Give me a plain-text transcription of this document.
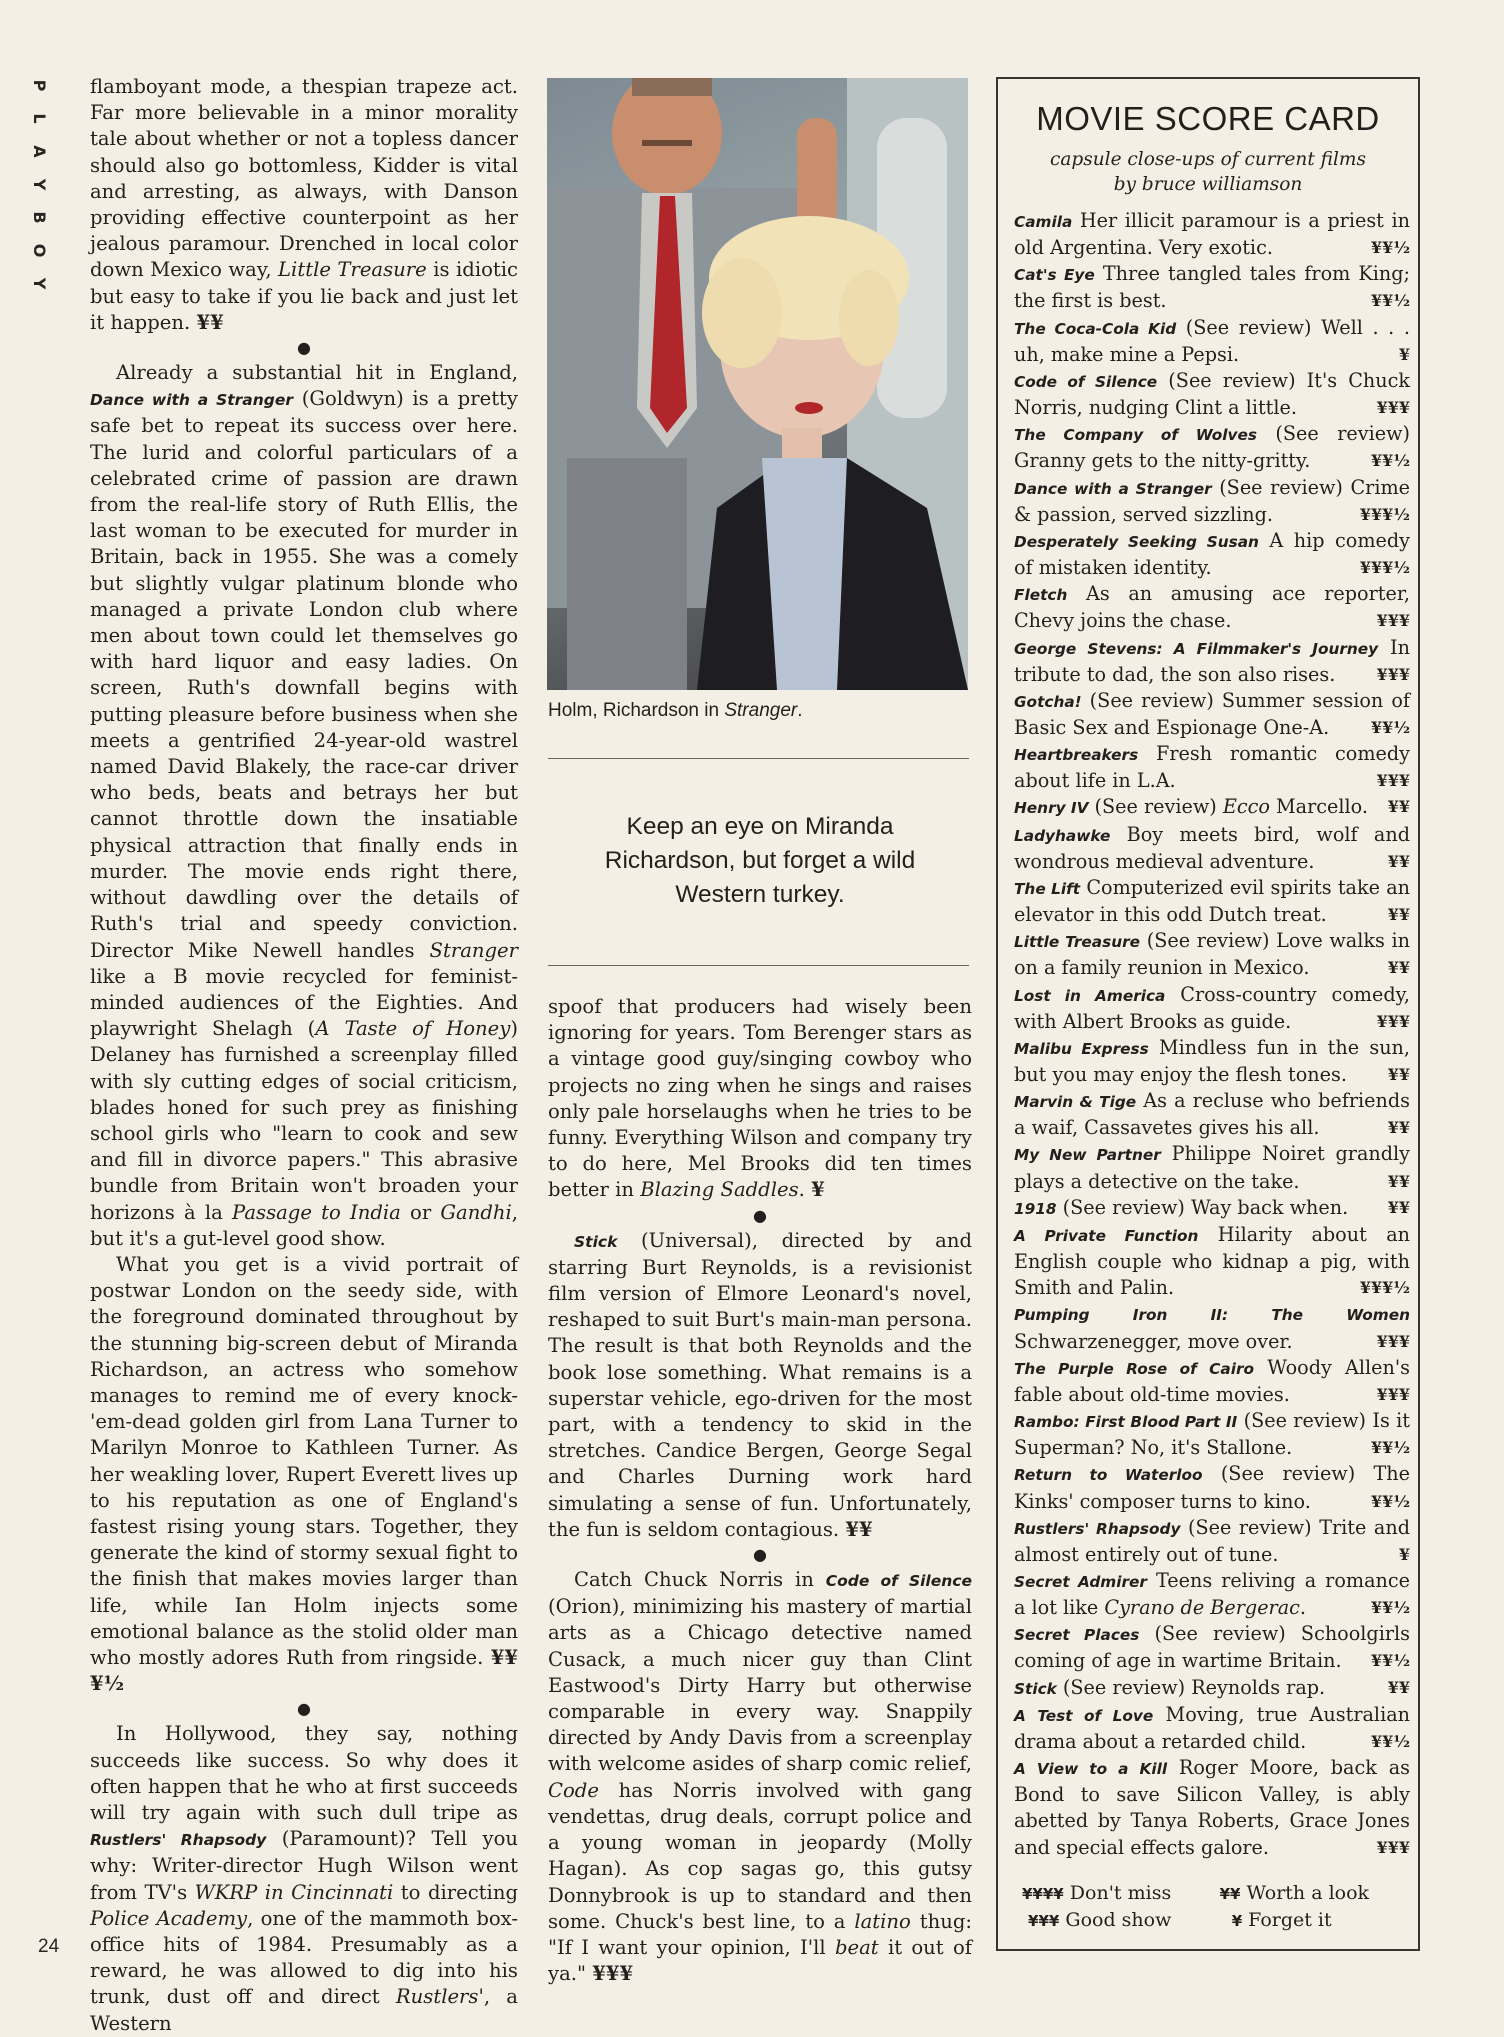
P
L
A
Y
B
O
Y

flamboyant mode, a thespian trapeze act. Far more believable in a minor morality tale about whether or not a topless dancer should also go bottomless, Kidder is vital and arresting, as always, with Danson providing effective counterpoint as her jealous paramour. Drenched in local color down Mexico way, Little Treasure is idiotic but easy to take if you lie back and just let it happen. ¥¥

●

Already a substantial hit in England, Dance with a Stranger (Goldwyn) is a pretty safe bet to repeat its success over here. The lurid and colorful particulars of a celebrated crime of passion are drawn from the real-life story of Ruth Ellis, the last woman to be executed for murder in Britain, back in 1955. She was a comely but slightly vulgar platinum blonde who managed a private London club where men about town could let themselves go with hard liquor and easy ladies. On screen, Ruth's downfall begins with putting pleasure before business when she meets a gentrified 24-year-old wastrel named David Blakely, the race-car driver who beds, beats and betrays her but cannot throttle down the insatiable physical attraction that finally ends in murder. The movie ends right there, without dawdling over the details of Ruth's trial and speedy conviction. Director Mike Newell handles Stranger like a B movie recycled for feminist-minded audiences of the Eighties. And playwright Shelagh (A Taste of Honey) Delaney has furnished a screenplay filled with sly cutting edges of social criticism, blades honed for such prey as finishing school girls who "learn to cook and sew and fill in divorce papers." This abrasive bundle from Britain won't broaden your horizons à la Passage to India or Gandhi, but it's a gut-level good show.

What you get is a vivid portrait of postwar London on the seedy side, with the foreground dominated throughout by the stunning big-screen debut of Miranda Richardson, an actress who somehow manages to remind me of every knock-'em-dead golden girl from Lana Turner to Marilyn Monroe to Kathleen Turner. As her weakling lover, Rupert Everett lives up to his reputation as one of England's fastest rising young stars. Together, they generate the kind of stormy sexual fight to the finish that makes movies larger than life, while Ian Holm injects some emotional balance as the stolid older man who mostly adores Ruth from ringside. ¥¥¥½

●

In Hollywood, they say, nothing succeeds like success. So why does it often happen that he who at first succeeds will try again with such dull tripe as Rustlers' Rhapsody (Paramount)? Tell you why: Writer-director Hugh Wilson went from TV's WKRP in Cincinnati to directing Police Academy, one of the mammoth box-office hits of 1984. Presumably as a reward, he was allowed to dig into his trunk, dust off and direct Rustlers', a Western

Holm, Richardson in Stranger.
Keep an eye on Miranda Richardson, but forget a wild Western turkey.

spoof that producers had wisely been ignoring for years. Tom Berenger stars as a vintage good guy/singing cowboy who projects no zing when he sings and raises only pale horselaughs when he tries to be funny. Everything Wilson and company try to do here, Mel Brooks did ten times better in Blazing Saddles. ¥

●

Stick (Universal), directed by and starring Burt Reynolds, is a revisionist film version of Elmore Leonard's novel, reshaped to suit Burt's main-man persona. The result is that both Reynolds and the book lose something. What remains is a superstar vehicle, ego-driven for the most part, with a tendency to skid in the stretches. Candice Bergen, George Segal and Charles Durning work hard simulating a sense of fun. Unfortunately, the fun is seldom contagious. ¥¥

●

Catch Chuck Norris in Code of Silence (Orion), minimizing his mastery of martial arts as a Chicago detective named Cusack, a much nicer guy than Clint Eastwood's Dirty Harry but otherwise comparable in every way. Snappily directed by Andy Davis from a screenplay with welcome asides of sharp comic relief, Code has Norris involved with gang vendettas, drug deals, corrupt police and a young woman in jeopardy (Molly Hagan). As cop sagas go, this gutsy Donnybrook is up to standard and then some. Chuck's best line, to a latino thug: "If I want your opinion, I'll beat it out of ya." ¥¥¥

MOVIE SCORE CARD
capsule close-ups of current films
by bruce williamson

Camila Her illicit paramour is a priest in old Argentina. Very exotic.	¥¥½

Cat's Eye Three tangled tales from King; the first is best.	¥¥½

The Coca-Cola Kid (See review) Well . . . uh, make mine a Pepsi.	¥

Code of Silence (See review) It's Chuck Norris, nudging Clint a little.	¥¥¥

The Company of Wolves (See review) Granny gets to the nitty-gritty.	¥¥½

Dance with a Stranger (See review) Crime & passion, served sizzling.	¥¥¥½

Desperately Seeking Susan A hip comedy of mistaken identity.	¥¥¥½

Fletch As an amusing ace reporter, Chevy joins the chase.	¥¥¥

George Stevens: A Filmmaker's Journey In tribute to dad, the son also rises.	¥¥¥

Gotcha! (See review) Summer session of Basic Sex and Espionage One-A.	¥¥½

Heartbreakers Fresh romantic comedy about life in L.A.	¥¥¥

Henry IV (See review) Ecco Marcello.	¥¥

Ladyhawke Boy meets bird, wolf and wondrous medieval adventure.	¥¥

The Lift Computerized evil spirits take an elevator in this odd Dutch treat.	¥¥

Little Treasure (See review) Love walks in on a family reunion in Mexico.	¥¥

Lost in America Cross-country comedy, with Albert Brooks as guide.	¥¥¥

Malibu Express Mindless fun in the sun, but you may enjoy the flesh tones.	¥¥

Marvin & Tige As a recluse who befriends a waif, Cassavetes gives his all.	¥¥

My New Partner Philippe Noiret grandly plays a detective on the take.	¥¥

1918 (See review) Way back when.	¥¥

A Private Function Hilarity about an English couple who kidnap a pig, with Smith and Palin.	¥¥¥½

Pumping Iron II: The Women Schwarzenegger, move over.	¥¥¥

The Purple Rose of Cairo Woody Allen's fable about old-time movies.	¥¥¥

Rambo: First Blood Part II (See review) Is it Superman? No, it's Stallone.	¥¥½

Return to Waterloo (See review) The Kinks' composer turns to kino.	¥¥½

Rustlers' Rhapsody (See review) Trite and almost entirely out of tune.	¥

Secret Admirer Teens reliving a romance a lot like Cyrano de Bergerac.	¥¥½

Secret Places (See review) Schoolgirls coming of age in wartime Britain.	¥¥½

Stick (See review) Reynolds rap.	¥¥

A Test of Love Moving, true Australian drama about a retarded child.	¥¥½

A View to a Kill Roger Moore, back as Bond to save Silicon Valley, is ably abetted by Tanya Roberts, Grace Jones and special effects galore.	¥¥¥

¥¥¥¥ Don't miss	¥¥ Worth a look
¥¥¥ Good show	¥ Forget it
24
